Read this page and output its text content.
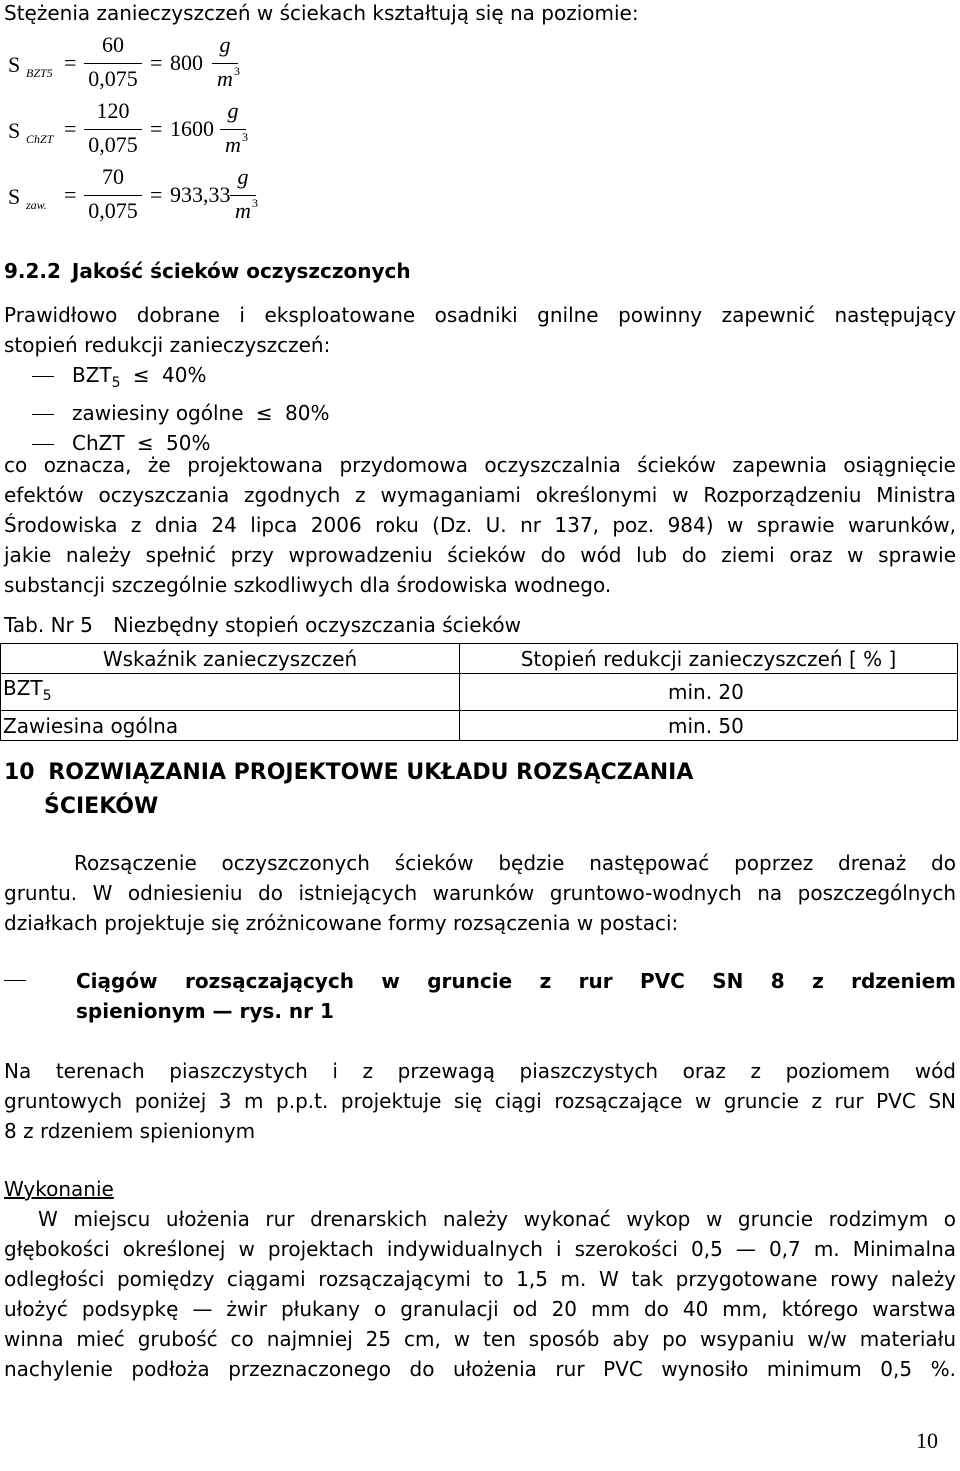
Stężenia zanieczyszczeń w ściekach kształtują się na poziomie:
S BZT5 =
60
0,075
= 800
g
m 3
S ChZT =
120
0,075
= 1600
g
m 3
S zaw. =
70
0,075
= 933,33
g
m 3
9.2.2 Jakość ścieków oczyszczonych
Prawidłowo dobrane i eksploatowane osadniki gnilne powinny zapewnić następujący
stopień redukcji zanieczyszczeń:
$BZT_5 \le 40\%$
zawiesiny ogólne ≤ 80%
ChZT ≤ 50%
co oznacza, że projektowana przydomowa oczyszczalnia ścieków zapewnia osiągnięcie
efektów oczyszczania zgodnych z wymaganiami określonymi w Rozporządzeniu Ministra
Środowiska z dnia 24 lipca 2006 roku (Dz. U. nr 137, poz. 984) w sprawie warunków,
jakie należy spełnić przy wprowadzeniu ścieków do wód lub do ziemi oraz w sprawie
substancji szczególnie szkodliwych dla środowiska wodnego.
Tab. Nr 5 Niezbędny stopień oczyszczania ścieków
Wskaźnik zanieczyszczeń	Stopień redukcji zanieczyszczeń [ % ]
$BZT_5$	min. 20
Zawiesina ogólna	min. 50
10 ROZWIĄZANIA PROJEKTOWE UKŁADU ROZSĄCZANIA
ŚCIEKÓW
Rozsączenie oczyszczonych ścieków będzie następować poprzez drenaż do
gruntu. W odniesieniu do istniejących warunków gruntowo-wodnych na poszczególnych
działkach projektuje się zróżnicowane formy rozsączenia w postaci:
Ciągów rozsączających w gruncie z rur PVC SN 8 z rdzeniem
spienionym — rys. nr 1
Na terenach piaszczystych i z przewagą piaszczystych oraz z poziomem wód
gruntowych poniżej 3 m p.p.t. projektuje się ciągi rozsączające w gruncie z rur PVC SN
8 z rdzeniem spienionym
Wykonanie
W miejscu ułożenia rur drenarskich należy wykonać wykop w gruncie rodzimym o
głębokości określonej w projektach indywidualnych i szerokości 0,5 — 0,7 m. Minimalna
odległości pomiędzy ciągami rozsączającymi to 1,5 m. W tak przygotowane rowy należy
ułożyć podsypkę — żwir płukany o granulacji od 20 mm do 40 mm, którego warstwa
winna mieć grubość co najmniej 25 cm, w ten sposób aby po wsypaniu w/w materiału
nachylenie podłoża przeznaczonego do ułożenia rur PVC wynosiło minimum 0,5 %.
10
